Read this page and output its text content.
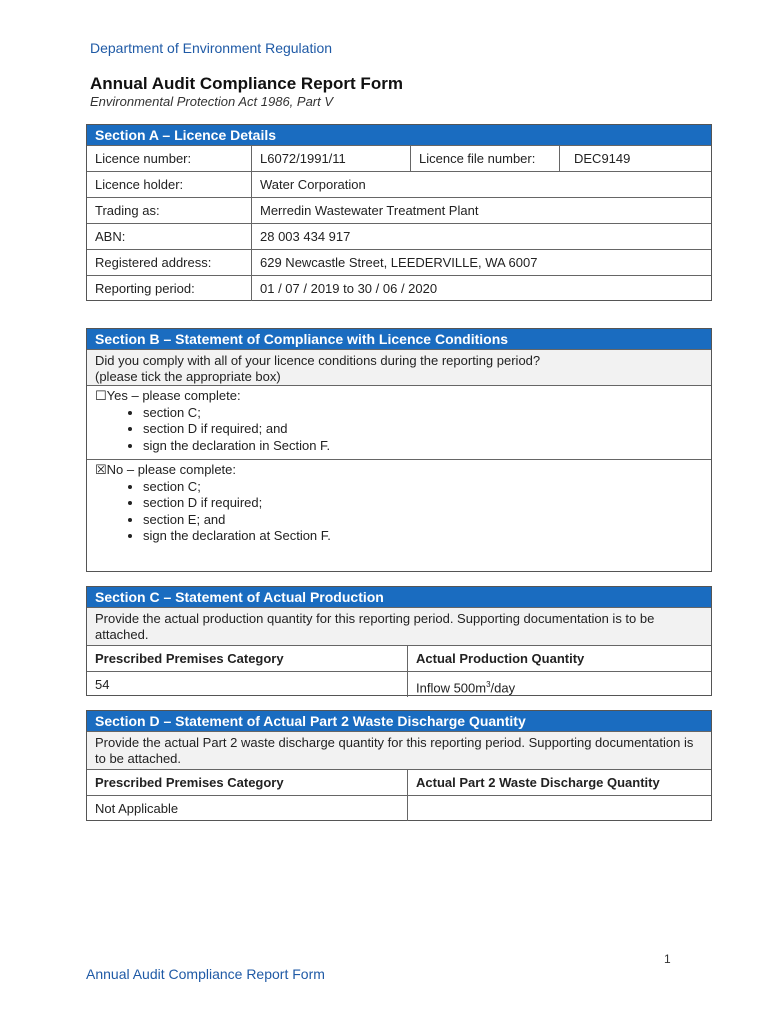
Department of Environment Regulation
Annual Audit Compliance Report Form
Environmental Protection Act 1986, Part V
Section A – Licence Details
Licence number:	L6072/1991/11	Licence file number:	DEC9149
Licence holder:	Water Corporation
Trading as:	Merredin Wastewater Treatment Plant
ABN:	28 003 434 917
Registered address:	629 Newcastle Street, LEEDERVILLE, WA 6007
Reporting period:	01 / 07 / 2019 to 30 / 06 / 2020
Section B – Statement of Compliance with Licence Conditions
Did you comply with all of your licence conditions during the reporting period?
(please tick the appropriate box)
☐Yes – please complete:
• section C;
• section D if required; and
• sign the declaration in Section F.
☒No – please complete:
• section C;
• section D if required;
• section E; and
• sign the declaration at Section F.
Section C – Statement of Actual Production
Provide the actual production quantity for this reporting period. Supporting documentation is to be attached.
Prescribed Premises Category	Actual Production Quantity
54	Inflow $500m^3$/day
Section D – Statement of Actual Part 2 Waste Discharge Quantity
Provide the actual Part 2 waste discharge quantity for this reporting period. Supporting documentation is to be attached.
Prescribed Premises Category	Actual Part 2 Waste Discharge Quantity
Not Applicable
1
Annual Audit Compliance Report Form
